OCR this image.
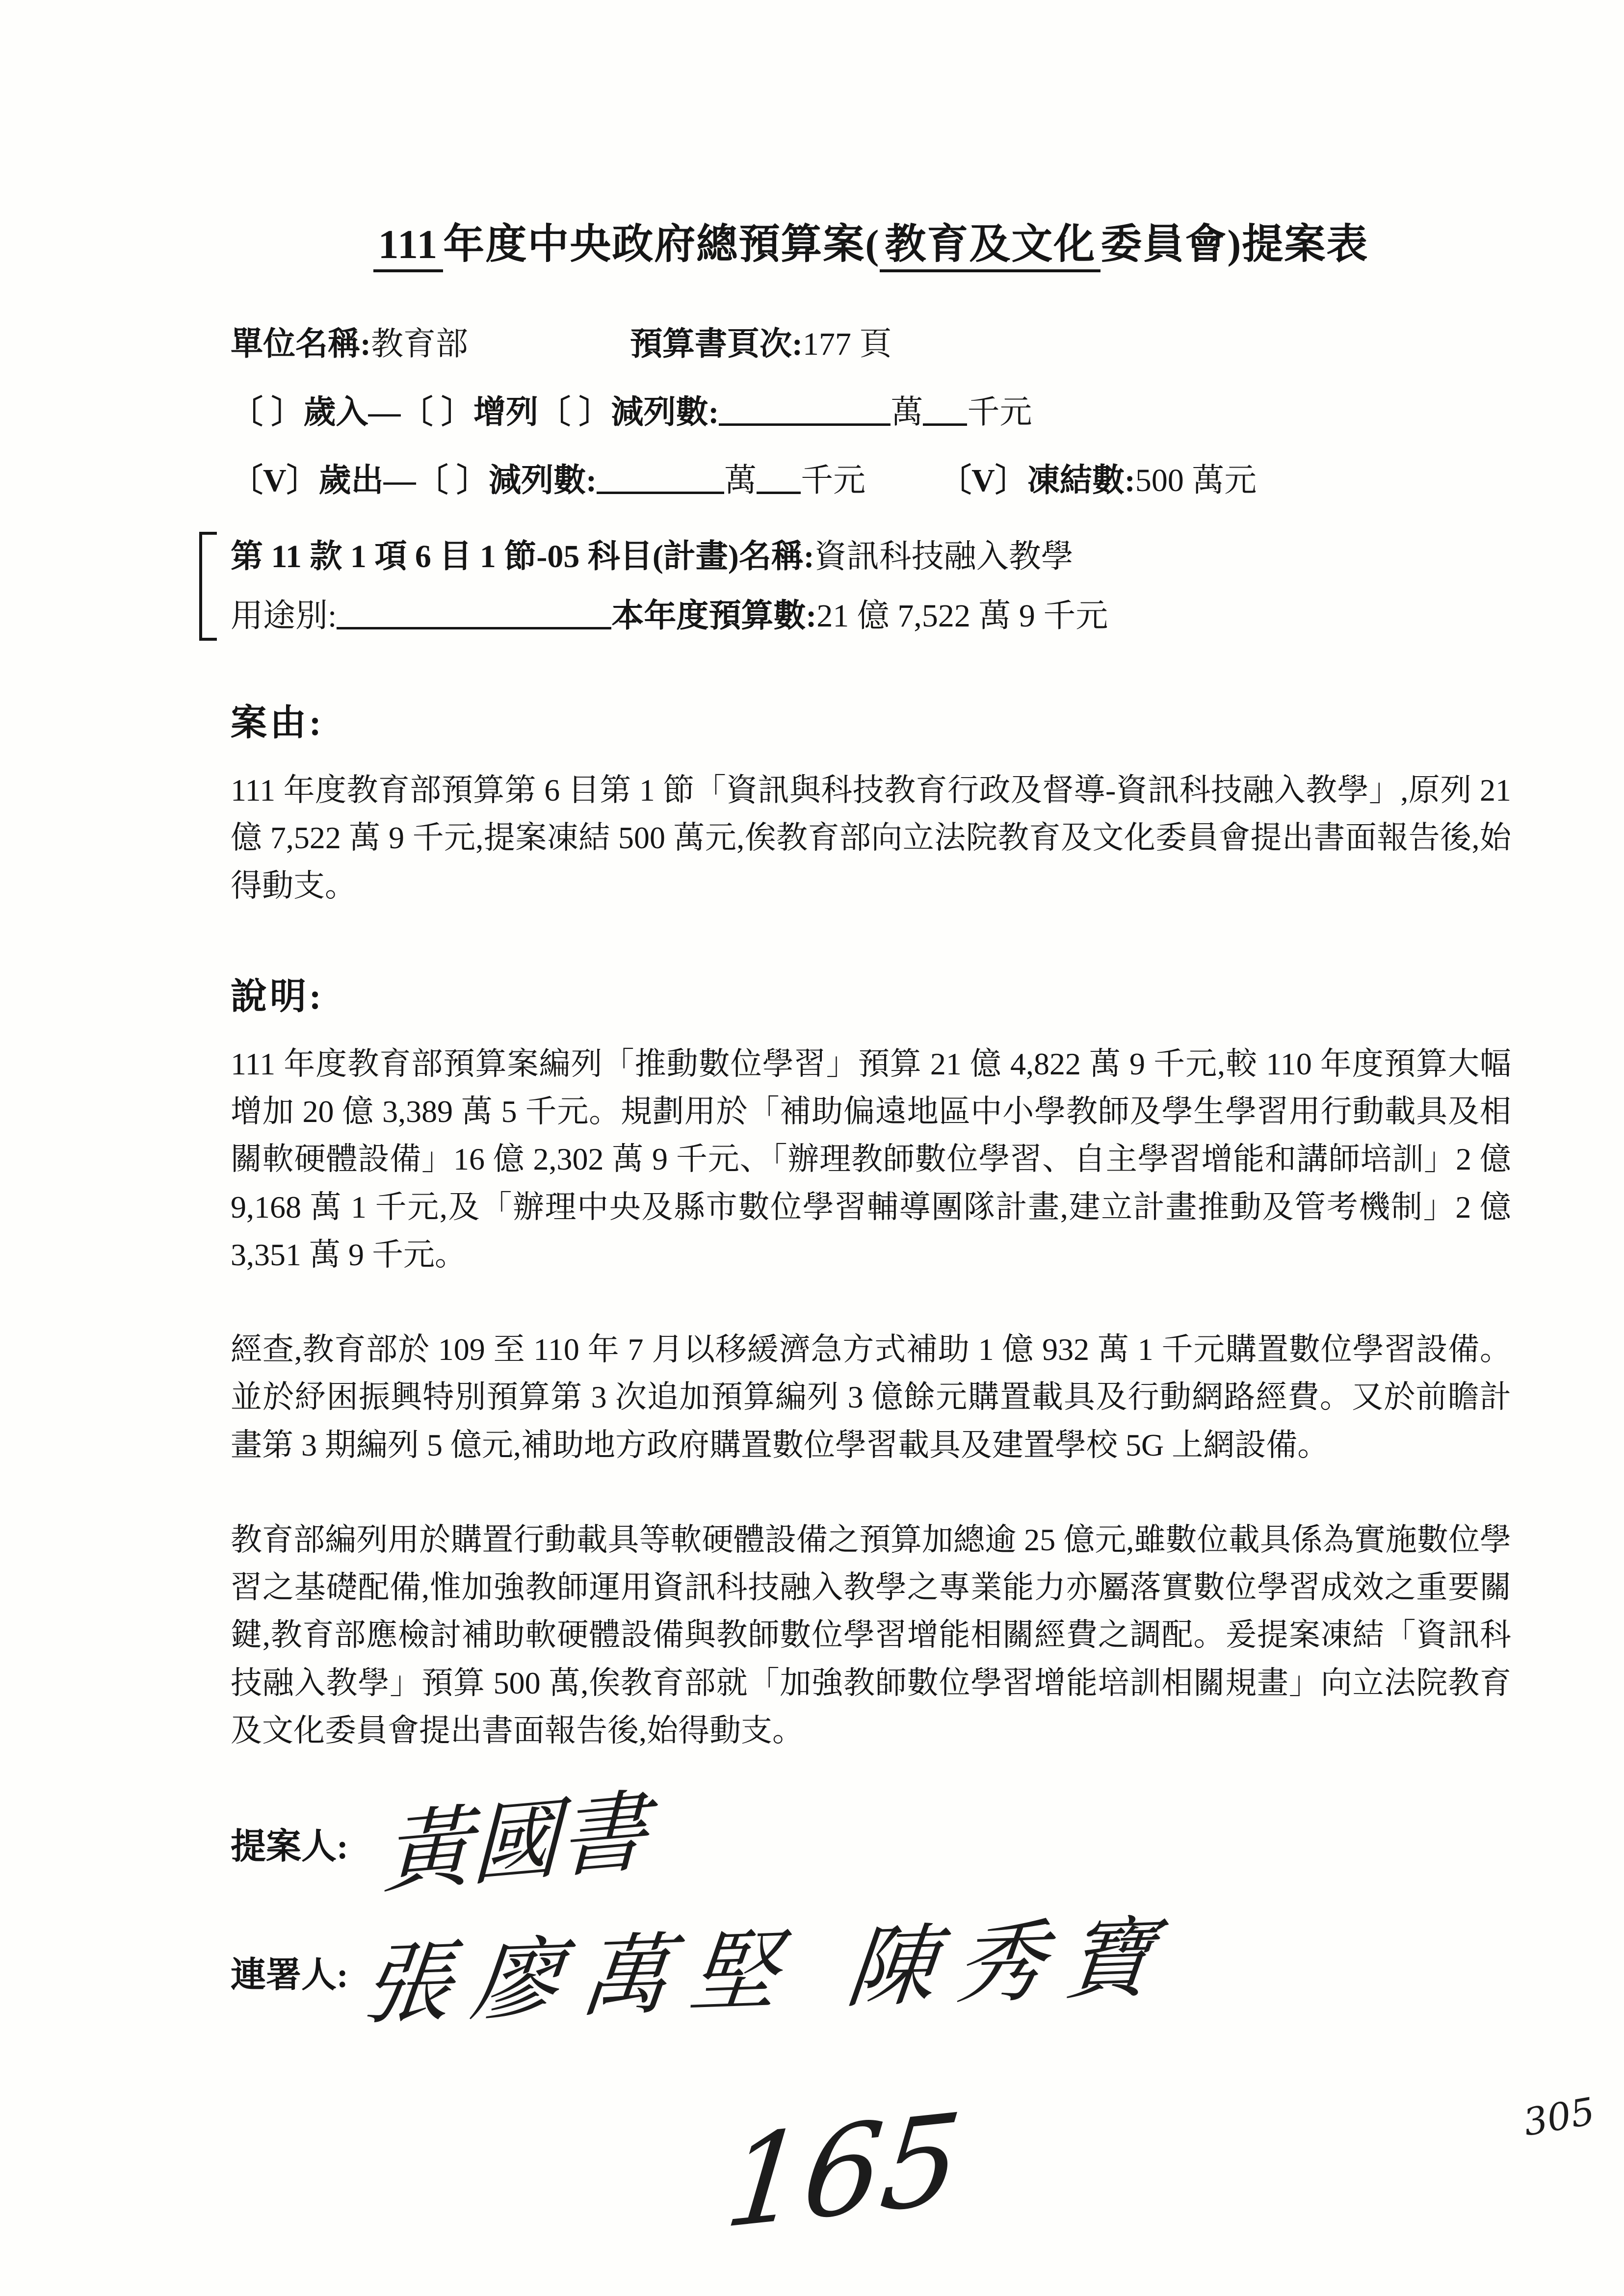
111 年度中央政府總預算案( 教育及文化 委員會)提案表
單位名稱:教育部	預算書頁次:177 頁
〔 〕歲入—〔 〕增列〔 〕減列數:	萬 千元
〔V〕歲出—〔 〕減列數:	萬 千元 〔V〕凍結數:500 萬元
第 11 款 1 項 6 目 1 節-05 科目(計畫)名稱:資訊科技融入教學
用途別:	本年度預算數:21 億 7,522 萬 9 千元
案由:
111 年度教育部預算第 6 目第 1 節「資訊與科技教育行政及督導-資訊科技融入教學」,原列 21 億 7,522 萬 9 千元,提案凍結 500 萬元,俟教育部向立法院教育及文化委員會提出書面報告後,始得動支。
說明:
111 年度教育部預算案編列「推動數位學習」預算 21 億 4,822 萬 9 千元,較 110 年度預算大幅增加 20 億 3,389 萬 5 千元。規劃用於「補助偏遠地區中小學教師及學生學習用行動載具及相關軟硬體設備」16 億 2,302 萬 9 千元、「辦理教師數位學習、自主學習增能和講師培訓」2 億 9,168 萬 1 千元,及「辦理中央及縣市數位學習輔導團隊計畫,建立計畫推動及管考機制」2 億 3,351 萬 9 千元。
經查,教育部於 109 至 110 年 7 月以移緩濟急方式補助 1 億 932 萬 1 千元購置數位學習設備。並於紓困振興特別預算第 3 次追加預算編列 3 億餘元購置載具及行動網路經費。又於前瞻計畫第 3 期編列 5 億元,補助地方政府購置數位學習載具及建置學校 5G 上網設備。
教育部編列用於購置行動載具等軟硬體設備之預算加總逾 25 億元,雖數位載具係為實施數位學習之基礎配備,惟加強教師運用資訊科技融入教學之專業能力亦屬落實數位學習成效之重要關鍵,教育部應檢討補助軟硬體設備與教師數位學習增能相關經費之調配。爰提案凍結「資訊科技融入教學」預算 500 萬,俟教育部就「加強教師數位學習增能培訓相關規畫」向立法院教育及文化委員會提出書面報告後,始得動支。
提案人: 黃國書
連署人: 張廖萬堅 陳秀寶
165	305
